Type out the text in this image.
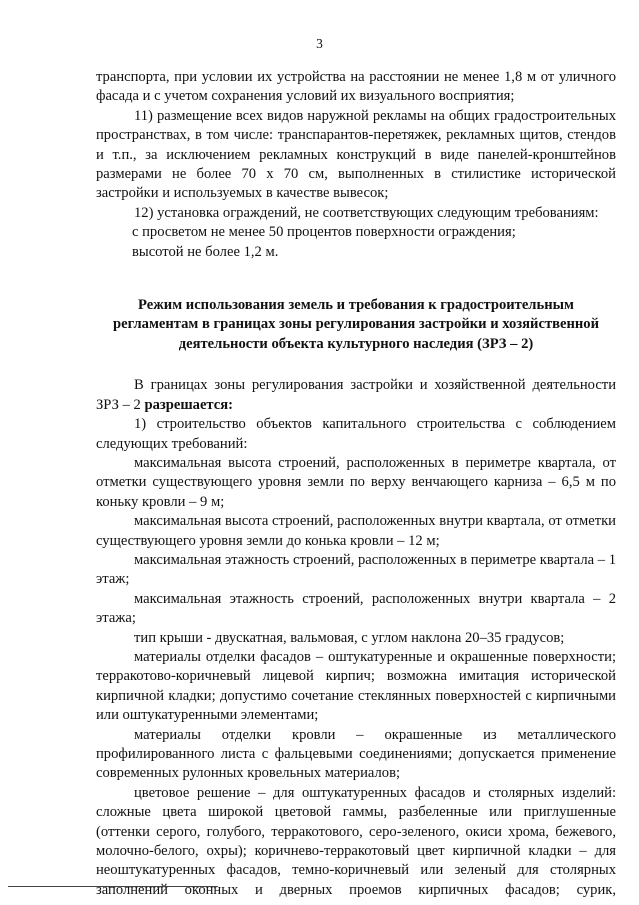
3

транспорта, при условии их устройства на расстоянии не менее 1,8 м от уличного фасада и с учетом сохранения условий их визуального восприятия;

11) размещение всех видов наружной рекламы на общих градостроительных пространствах, в том числе: транспарантов-перетяжек, рекламных щитов, стендов и т.п., за исключением рекламных конструкций в виде панелей-кронштейнов размерами не более 70 х 70 см, выполненных в стилистике исторической застройки и используемых в качестве вывесок;

12) установка ограждений, не соответствующих следующим требованиям:

с просветом не менее 50 процентов поверхности ограждения;

высотой не более 1,2 м.

Режим использования земель и требования к градостроительным
регламентам в границах зоны регулирования застройки и хозяйственной
деятельности объекта культурного наследия (ЗРЗ – 2)

В границах зоны регулирования застройки и хозяйственной деятельности ЗРЗ – 2 разрешается:

1) строительство объектов капитального строительства с соблюдением следующих требований:

максимальная высота строений, расположенных в периметре квартала, от отметки существующего уровня земли по верху венчающего карниза – 6,5 м по коньку кровли – 9 м;

максимальная высота строений, расположенных внутри квартала, от отметки существующего уровня земли до конька кровли – 12 м;

максимальная этажность строений, расположенных в периметре квартала – 1 этаж;

максимальная этажность строений, расположенных внутри квартала – 2 этажа;

тип крыши - двускатная, вальмовая, с углом наклона 20–35 градусов;

материалы отделки фасадов – оштукатуренные и окрашенные поверхности; терракотово-коричневый лицевой кирпич; возможна имитация исторической кирпичной кладки; допустимо сочетание стеклянных поверхностей с кирпичными или оштукатуренными элементами;

материалы отделки кровли – окрашенные из металлического профилированного листа с фальцевыми соединениями; допускается применение современных рулонных кровельных материалов;

цветовое решение – для оштукатуренных фасадов и столярных изделий: сложные цвета широкой цветовой гаммы, разбеленные или приглушенные (оттенки серого, голубого, терракотового, серо-зеленого, окиси хрома, бежевого, молочно-белого, охры); коричнево-терракотовый цвет кирпичной кладки – для неоштукатуренных фасадов, темно-коричневый или зеленый для столярных заполнений оконных и дверных проемов кирпичных фасадов; сурик,
